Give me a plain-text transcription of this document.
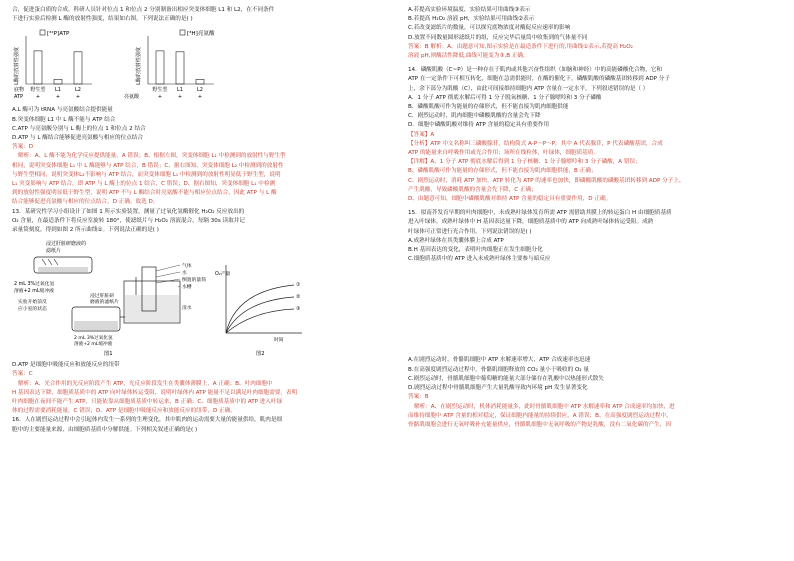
合，促进蛋白质的合成。科研人员针对位点 1 和位点 2 分别制备出相应突变体细胞 L1 和 L2，在不同条件
下进行实验后检测 L 酶的放射性强度，结果如右图。下列说法正确的是( )
[³²P]ATP
L酶的放射性强度
野生型
+
L1
+
L2
+
底物
ATP
[³H]亮氨酸
L酶的放射性强度
野生型
+
L1
+
L2
+
亮氨酸
A.L 酶可为 tRNA 与亮氨酸结合提供能量
B.突变体细胞 L1 中 L 酶不能与 ATP 结合
C.ATP 与亮氨酸分别与 L 酶上的位点 1 和位点 2 结合
D.ATP 与 L 酶结合能够促进亮氨酸与相应的位点结合
答案：D
解析：A、L 酶不能为化学反应提供能量，A 错误；B、根据左图，突变体细胞 L₁ 中检测到的放射性与野生型
相同，说明突变体细胞 L₁ 中 L 酶能够与 ATP 结合，B 错误；C、据右图知，突变体细胞 L₂ 中检测到的放射性
与野生型相同，说明突变体L₂不影响与 ATP 结合，而突变体细胞 L₁ 中检测到的放射性明显低于野生型，说明
L₁ 突变影响与 ATP 结合，即 ATP 与 L 酶上的位点 1 结合，C 错误；D、据右图知，突变体细胞 L₁ 中检测
到的放射性强度明显低于野生型，说明 ATP 不与 L 酶结合时亮氨酸不能与相应位点结合，因此 ATP 与 L 酶
结合能够促进亮氨酸与相应的位点结合，D 正确。故选 D。
13．某研究性学习小组设计了如图 1 所示实验装置，测量了过氧化氢酶催化 H₂O₂ 反应放出的
O₂ 含量，在最适条件下将反应室旋转 180°，使滤纸片与 H₂O₂ 溶液混合，每隔 30s 读取并记
录量筒刻度，得到如图 2 所示曲线①。下列说法正确的是( )
浸过肝脏研磨液的
滤纸片
2 mL 3%过氧化氢
溶液+2 mL缓冲液
实验开始前反
应小室的状态
浸过肝脏研
磨液的滤纸片
2 mL 3%过氧化氢
溶液+2 mL缓冲液
气体
水
倒置的量筒
水槽
清水
图1
O₂产量
时间
①
②
③
图2
D.ATP 是细胞中吸能反应和放能反应的纽带
答案：C
解析：A、光合作用的光反应阶段产生 ATP，光反应阶段发生在类囊体薄膜上，A 正确；B、叶肉细胞中
H 基因表达下降，细胞质基质中的 ATP 向叶绿体转运受阻，说明叶绿体内 ATP 能量不足以满足叶肉细胞需要，表明
叶肉细胞在夜间不能产生 ATP，只能依靠从细胞质基质中转运来，B 正确；C、细胞质基质中的 ATP 进入叶绿
体的过程需要消耗能量，C 错误；D、ATP 是细胞中吸能反应和放能反应的纽带，D 正确。
16．人在剧烈运动过程中会引起体内发生一系列的生理变化，其中肌肉的运动需要大量的能量供给，肌肉是细
胞中的主要能量来源，由细胞质基质中分解供能。下列相关叙述正确的是( )
A.若提高实验环境温度，实验结果可用曲线③表示
B.若提高 H₂O₂ 溶液 pH，实验结果可用曲线②表示
C.若改变滤纸片的数量，可以探究底物浓度对酶促反应速率的影响
D.放置不同数量圆形滤纸片的组，反应完毕后量筒中收集到的气体量不同
答案：B 解析：A、由题意可知,图示实验是在最适条件下进行的,用曲线①表示,若提高 H₂O₂
溶液 pH,则酶活性降低,曲线可能变为③,B 正确。
14．磷酸肌酸（C~P）是一种存在于肌肉或其他兴奋性组织（如脑和神经）中的高能磷酸化合物，它和
ATP 在一定条件下可相互转化，细胞在急需供能时，在酶的催化下，磷酸肌酸的磷酸基团转移到 ADP 分子
上，余下部分为肌酸（C），由此可间接维持细胞内 ATP 含量在一定水平。下列叙述错误的是（ ）
A．1 分子 ATP 彻底水解后可得 1 分子脱氧核糖、1 分子腺嘌呤和 3 分子磷酸
B．磷酸肌酸可作为能量的存储形式，但不能直接为肌肉细胞供能
C．剧烈运动时，肌肉细胞中磷酸肌酸的含量会先下降
D．细胞中磷酸肌酸对维持 ATP 含量的稳定具有重要作用
【答案】A
【分析】ATP 中文名称叫三磷酸腺苷，结构简式 A-P～P～P，其中 A 代表腺苷，P 代表磷酸基团，合成
ATP 的能量来自呼吸作用或光合作用；场所在线粒体，叶绿体，细胞质基质。
【详解】A、1 分子 ATP 彻底水解后得到 1 分子核糖、1 分子腺嘌呤和 3 分子磷酸，A 错误；
B、磷酸肌酸可作为能量的存储形式，但不能直接为肌肉细胞供能，B 正确；
C、剧烈运动时，消耗 ATP 加快，ATP 转化为 ATP 的速率也加快，即磷酸肌酸的磷酸基团转移到 ADP 分子上，
产生肌酸，导致磷酸肌酸的含量会先下降，C 正确；
D、由题意可知，细胞中磷酸肌酸对维持 ATP 含量的稳定具有重要作用，D 正确。
15．拟南芥发育早期的叶肉细胞中，未成熟叶绿体发育所需 ATP 需借助其膜上的转运蛋白 H 由细胞质基质
进入叶绿体，成熟叶绿体中 H 基因表达量下降，细胞质基质中的 ATP 向成熟叶绿体转运受阻。成熟
叶绿体可正常进行光合作用。下列说法错误的是( )
A.成熟叶绿体在其类囊体膜上合成 ATP
B.H 基因表达的变化，表明叶肉细胞正在发生细胞分化
C.细胞质基质中的 ATP 进入未成熟叶绿体主要参与暗反应
A.在剧烈运动时，骨骼肌细胞中 ATP 水解速率增大，ATP 合成速率也迅速
B.在高强度剧烈运动过程中，骨骼肌细胞释放的 CO₂ 量小于吸收的 O₂ 量
C.剧烈运动时，骨骼肌细胞中葡萄糖的能量大部分储存在乳酸中以热能形式散失
D.剧烈运动过程中骨骼肌细胞产生大量乳酸导致内环境 pH 发生显著变化
答案：B
解析：A、在剧烈运动时，机体消耗能量多，此时骨骼肌细胞中 ATP 水解速率和 ATP 合成速率均加快，进
而维持细胞中 ATP 含量的相对稳定，保证细胞内能量的持续供应，A 错误；B、在高强度剧烈运动过程中，
骨骼肌细胞会进行无氧呼吸补充能量供应，骨骼肌细胞中无氧呼吸的产物是乳酸，没有二氧化碳的产生，因
